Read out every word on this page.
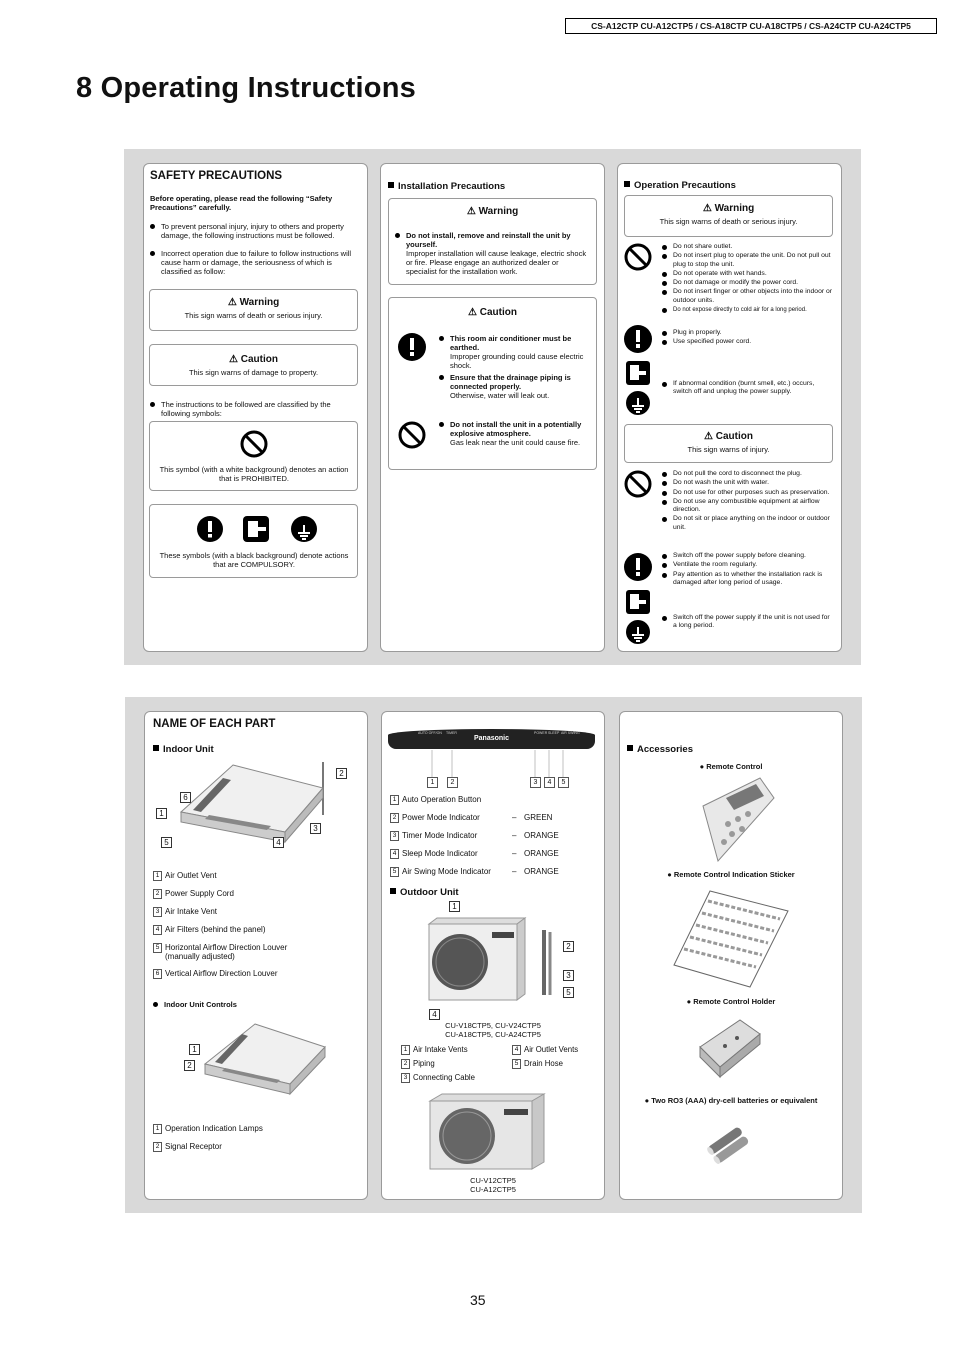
CS-A12CTP CU-A12CTP5 / CS-A18CTP CU-A18CTP5 / CS-A24CTP CU-A24CTP5
8 Operating Instructions
SAFETY PRECAUTIONS
Before operating, please read the following “Safety Precautions” carefully.
To prevent personal injury, injury to others and property damage, the following instructions must be followed.
Incorrect operation due to failure to follow instructions will cause harm or damage, the seriousness of which is classified as follow:
⚠ Warning
This sign warns of death or serious injury.
⚠ Caution
This sign warns of damage to property.
The instructions to be followed are classified by the following symbols:
This symbol (with a white background) denotes an action that is PROHIBITED.
These symbols (with a black background) denote actions that are COMPULSORY.
Installation Precautions
⚠ Warning
Do not install, remove and reinstall the unit by yourself.
Improper installation will cause leakage, electric shock or fire. Please engage an authorized dealer or specialist for the installation work.
⚠ Caution
This room air conditioner must be earthed.
Improper grounding could cause electric shock.
Ensure that the drainage piping is connected properly.
Otherwise, water will leak out.
Do not install the unit in a potentially explosive atmosphere.
Gas leak near the unit could cause fire.
Operation Precautions
⚠ Warning
This sign warns of death or serious injury.
Do not share outlet.
Do not insert plug to operate the unit. Do not pull out plug to stop the unit.
Do not operate with wet hands.
Do not damage or modify the power cord.
Do not insert finger or other objects into the indoor or outdoor units.
Do not expose directly to cold air for a long period.
Plug in properly.
Use specified power cord.
If abnormal condition (burnt smell, etc.) occurs, switch off and unplug the power supply.
⚠ Caution
This sign warns of injury.
Do not pull the cord to disconnect the plug.
Do not wash the unit with water.
Do not use for other purposes such as preservation.
Do not use any combustible equipment at airflow direction.
Do not sit or place anything on the indoor or outdoor unit.
Switch off the power supply before cleaning.
Ventilate the room regularly.
Pay attention as to whether the installation rack is damaged after long period of usage.
Switch off the power supply if the unit is not used for a long period.
NAME OF EACH PART
Indoor Unit
2
6
1
3
5	4
1 Air Outlet Vent
2 Power Supply Cord
3 Air Intake Vent
4 Air Filters (behind the panel)
5 Horizontal Airflow Direction Louver (manually adjusted)
6 Vertical Airflow Direction Louver
Indoor Unit Controls
1
2
1 Operation Indication Lamps
2 Signal Receptor
AUTO OFF/ON TIMER
Panasonic
POWER SLEEP AIR SWING
1	2	3	4	5
1 Auto Operation Button
2 Power Mode Indicator	– GREEN
3 Timer Mode Indicator	– ORANGE
4 Sleep Mode Indicator	– ORANGE
5 Air Swing Mode Indicator	– ORANGE
Outdoor Unit
1
2
3
5
4
CU-V18CTP5, CU-V24CTP5
CU-A18CTP5, CU-A24CTP5
1 Air Intake Vents	4 Air Outlet Vents
2 Piping	5 Drain Hose
3 Connecting Cable
CU-V12CTP5
CU-A12CTP5
Accessories
● Remote Control
● Remote Control Indication Sticker
● Remote Control Holder
● Two RO3 (AAA) dry-cell batteries or equivalent
35
